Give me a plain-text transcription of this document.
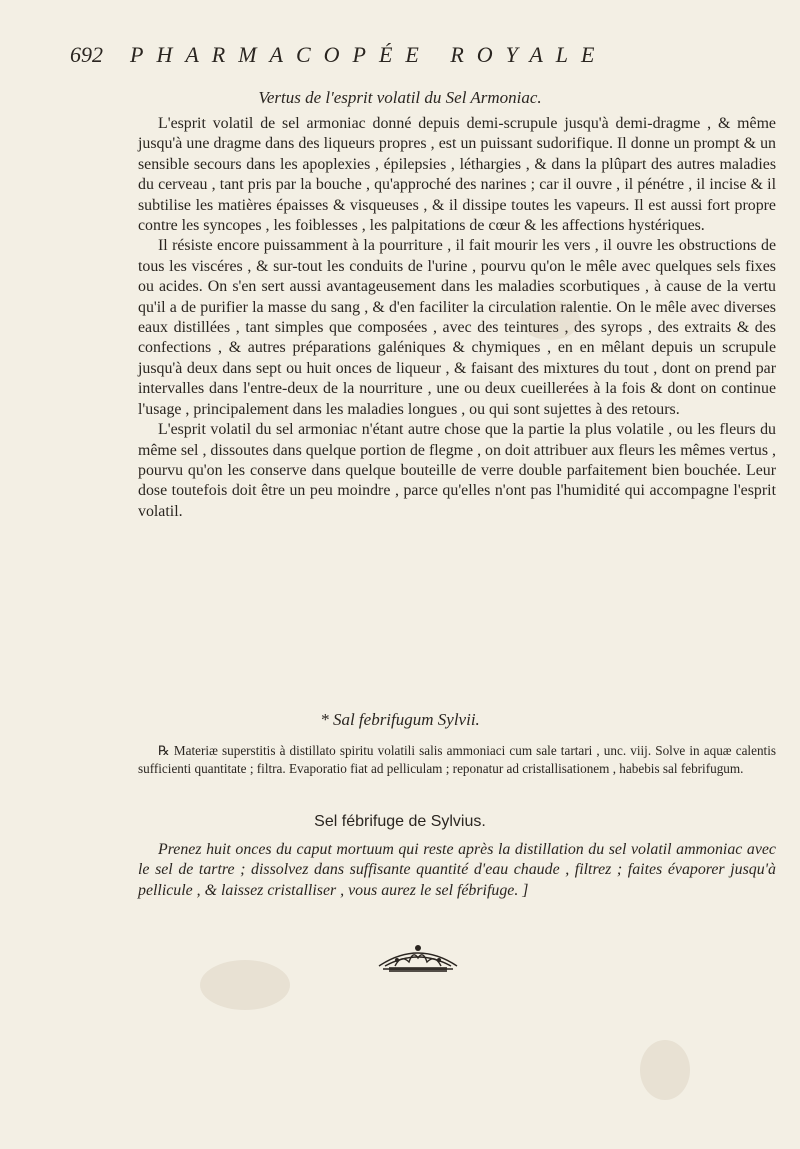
692 PHARMACOPÉE ROYALE
Vertus de l'esprit volatil du Sel Armoniac.

L'esprit volatil de sel armoniac donné depuis demi-scrupule jusqu'à demi-dragme , & même jusqu'à une dragme dans des liqueurs propres , est un puissant sudorifique. Il donne un prompt & un sensible secours dans les apoplexies , épilepsies , léthargies , & dans la plûpart des autres maladies du cerveau , tant pris par la bouche , qu'approché des narines ; car il ouvre , il pénétre , il incise & il subtilise les matières épaisses & visqueuses , & il dissipe toutes les vapeurs. Il est aussi fort propre contre les syncopes , les foiblesses , les palpitations de cœur & les affections hystériques.

Il résiste encore puissamment à la pourriture , il fait mourir les vers , il ouvre les obstructions de tous les viscéres , & sur-tout les conduits de l'urine , pourvu qu'on le mêle avec quelques sels fixes ou acides. On s'en sert aussi avantageusement dans les maladies scorbutiques , à cause de la vertu qu'il a de purifier la masse du sang , & d'en faciliter la circulation ralentie. On le mêle avec diverses eaux distillées , tant simples que composées , avec des teintures , des syrops , des extraits & des confections , & autres préparations galéniques & chymiques , en en mêlant depuis un scrupule jusqu'à deux dans sept ou huit onces de liqueur , & faisant des mixtures du tout , dont on prend par intervalles dans l'entre-deux de la nourriture , une ou deux cueillerées à la fois & dont on continue l'usage , principalement dans les maladies longues , ou qui sont sujettes à des retours.

L'esprit volatil du sel armoniac n'étant autre chose que la partie la plus volatile , ou les fleurs du même sel , dissoutes dans quelque portion de flegme , on doit attribuer aux fleurs les mêmes vertus , pourvu qu'on les conserve dans quelque bouteille de verre double parfaitement bien bouchée. Leur dose toutefois doit être un peu moindre , parce qu'elles n'ont pas l'humidité qui accompagne l'esprit volatil.

* Sal febrifugum Sylvii.

℞ Materiæ superstitis à distillato spiritu volatili salis ammoniaci cum sale tartari , unc. viij. Solve in aquæ calentis sufficienti quantitate ; filtra. Evaporatio fiat ad pelliculam ; reponatur ad cristallisationem , habebis sal febrifugum.

Sel fébrifuge de Sylvius.

Prenez huit onces du caput mortuum qui reste après la distillation du sel volatil ammoniac avec le sel de tartre ; dissolvez dans suffisante quantité d'eau chaude , filtrez ; faites évaporer jusqu'à pellicule , & laissez cristalliser , vous aurez le sel fébrifuge. ]
